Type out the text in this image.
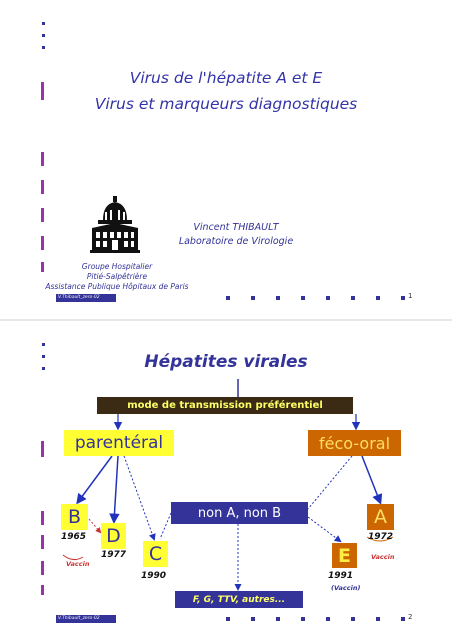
Virus de l'hépatite A et E
Virus et marqueurs diagnostiques
Vincent THIBAULT
Laboratoire de Virologie
Groupe Hospitalier
Pitié-Salpêtrière
Assistance Publique Hôpitaux de Paris
V.Thibault_zero-02	1
Hépatites virales
mode de transmission préférentiel
parentéral	féco-oral
non A, non B
B
D
C
A
E
1965
1977
1990
1972
1991
Vaccin
Vaccin
(Vaccin)
F, G, TTV, autres...
V.Thibault_zero-02	2
